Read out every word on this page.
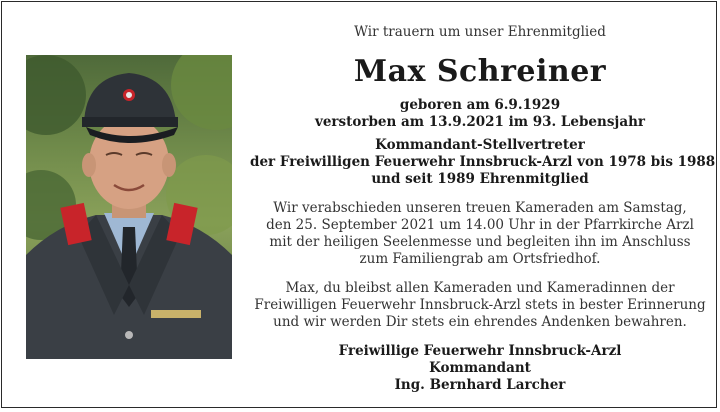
Wir trauern um unser Ehrenmitglied
Max Schreiner
geboren am 6.9.1929
verstorben am 13.9.2021 im 93. Lebensjahr
Kommandant-Stellvertreter
der Freiwilligen Feuerwehr Innsbruck-Arzl von 1978 bis 1988
und seit 1989 Ehrenmitglied
Wir verabschieden unseren treuen Kameraden am Samstag,
den 25. September 2021 um 14.00 Uhr in der Pfarrkirche Arzl
mit der heiligen Seelenmesse und begleiten ihn im Anschluss
zum Familiengrab am Ortsfriedhof.
Max, du bleibst allen Kameraden und Kameradinnen der
Freiwilligen Feuerwehr Innsbruck-Arzl stets in bester Erinnerung
und wir werden Dir stets ein ehrendes Andenken bewahren.
Freiwillige Feuerwehr Innsbruck-Arzl
Kommandant
Ing. Bernhard Larcher
